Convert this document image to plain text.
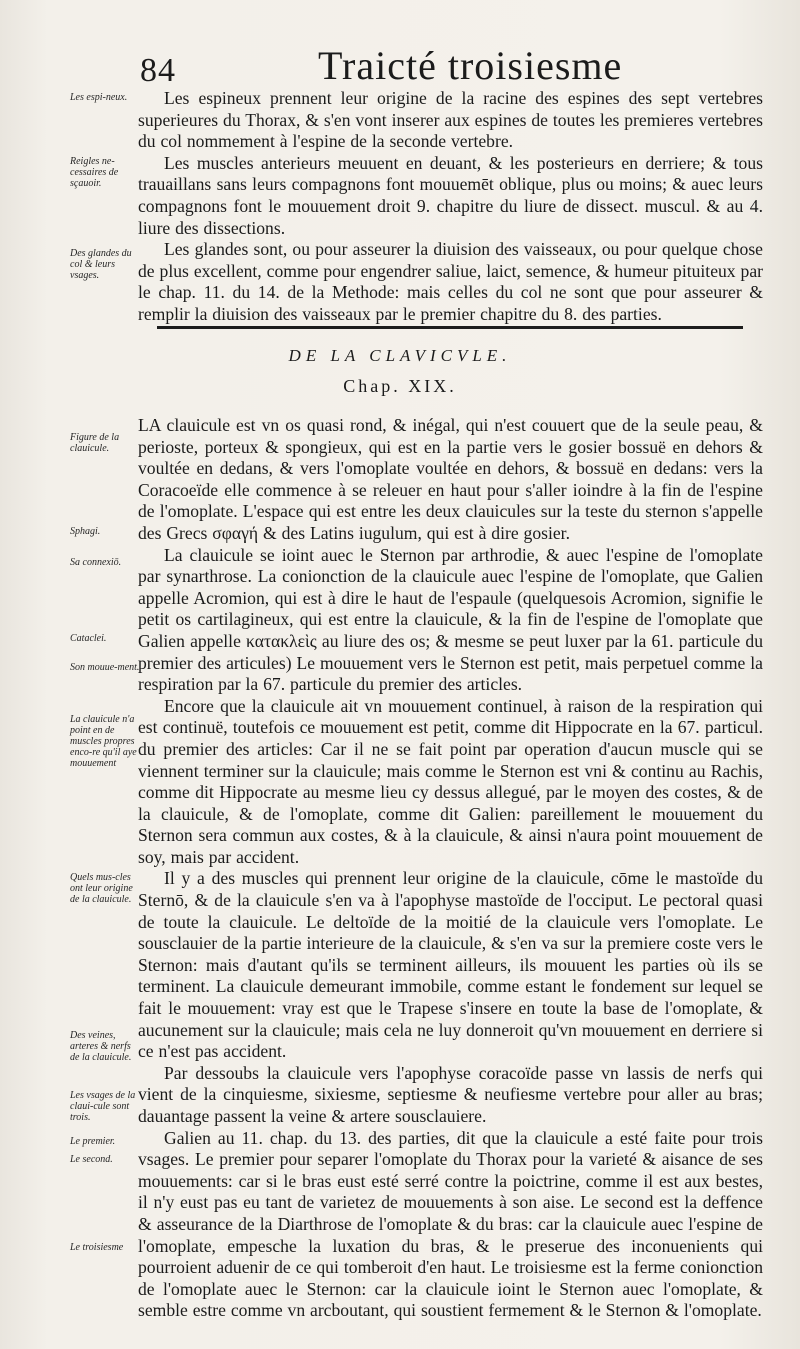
84	Traicté troisiesme
Les espi-neux.
Reigles ne-cessaires de sçauoir.
Des glandes du col & leurs vsages.
Figure de la clauicule.
Sphagi.
Sa connexiō.
Cataclei.
Son mouue-ment.
La clauicule n'a point en de muscles propres enco-re qu'il aye mouuement
Quels mus-cles ont leur origine de la clauicule.
Des veines, arteres & nerfs de la clauicule.
Les vsages de la claui-cule sont trois.
Le premier.
Le second.
Le troisiesme

Les espineux prennent leur origine de la racine des espines des sept vertebres superieures du Thorax, & s'en vont inserer aux espines de toutes les premieres vertebres du col nommement à l'espine de la seconde vertebre.

Les muscles anterieurs meuuent en deuant, & les posterieurs en derriere; & tous trauaillans sans leurs compagnons font mouuemēt oblique, plus ou moins; & auec leurs compagnons font le mouuement droit 9. chapitre du liure de dissect. muscul. & au 4. liure des dissections.

Les glandes sont, ou pour asseurer la diuision des vaisseaux, ou pour quelque chose de plus excellent, comme pour engendrer saliue, laict, semence, & humeur pituiteux par le chap. 11. du 14. de la Methode: mais celles du col ne sont que pour asseurer & remplir la diuision des vaisseaux par le premier chapitre du 8. des parties.

DE LA CLAVICVLE.
Chap. XIX.

LA clauicule est vn os quasi rond, & inégal, qui n'est couuert que de la seule peau, & perioste, porteux & spongieux, qui est en la partie vers le gosier bossuë en dehors & voultée en dedans, & vers l'omoplate voultée en dehors, & bossuë en dedans: vers la Coracoeïde elle commence à se releuer en haut pour s'aller ioindre à la fin de l'espine de l'omoplate. L'espace qui est entre les deux clauicules sur la teste du sternon s'appelle des Grecs σφαγή & des Latins iugulum, qui est à dire gosier.

La clauicule se ioint auec le Sternon par arthrodie, & auec l'espine de l'omoplate par synarthrose. La conionction de la clauicule auec l'espine de l'omoplate, que Galien appelle Acromion, qui est à dire le haut de l'espaule (quelquesois Acromion, signifie le petit os cartilagineux, qui est entre la clauicule, & la fin de l'espine de l'omoplate que Galien appelle κατακλεὶς au liure des os; & mesme se peut luxer par la 61. particule du premier des articules) Le mouuement vers le Sternon est petit, mais perpetuel comme la respiration par la 67. particule du premier des articles.

Encore que la clauicule ait vn mouuement continuel, à raison de la respiration qui est continuë, toutefois ce mouuement est petit, comme dit Hippocrate en la 67. particul. du premier des articles: Car il ne se fait point par operation d'aucun muscle qui se viennent terminer sur la clauicule; mais comme le Sternon est vni & continu au Rachis, comme dit Hippocrate au mesme lieu cy dessus allegué, par le moyen des costes, & de la clauicule, & de l'omoplate, comme dit Galien: pareillement le mouuement du Sternon sera commun aux costes, & à la clauicule, & ainsi n'aura point mouuement de soy, mais par accident.

Il y a des muscles qui prennent leur origine de la clauicule, cōme le mastoïde du Sternō, & de la clauicule s'en va à l'apophyse mastoïde de l'occiput. Le pectoral quasi de toute la clauicule. Le deltoïde de la moitié de la clauicule vers l'omoplate. Le sousclauier de la partie interieure de la clauicule, & s'en va sur la premiere coste vers le Sternon: mais d'autant qu'ils se terminent ailleurs, ils mouuent les parties où ils se terminent. La clauicule demeurant immobile, comme estant le fondement sur lequel se fait le mouuement: vray est que le Trapese s'insere en toute la base de l'omoplate, & aucunement sur la clauicule; mais cela ne luy donneroit qu'vn mouuement en derriere si ce n'est pas accident.

Par dessoubs la clauicule vers l'apophyse coracoïde passe vn lassis de nerfs qui vient de la cinquiesme, sixiesme, septiesme & neufiesme vertebre pour aller au bras; dauantage passent la veine & artere sousclauiere.

Galien au 11. chap. du 13. des parties, dit que la clauicule a esté faite pour trois vsages. Le premier pour separer l'omoplate du Thorax pour la varieté & aisance de ses mouuements: car si le bras eust esté serré contre la poictrine, comme il est aux bestes, il n'y eust pas eu tant de varietez de mouuements à son aise. Le second est la deffence & asseurance de la Diarthrose de l'omoplate & du bras: car la clauicule auec l'espine de l'omoplate, empesche la luxation du bras, & le preserue des inconuenients qui pourroient aduenir de ce qui tomberoit d'en haut. Le troisiesme est la ferme conionction de l'omoplate auec le Sternon: car la clauicule ioint le Sternon auec l'omoplate, & semble estre comme vn arcboutant, qui soustient fermement & le Sternon & l'omoplate.
